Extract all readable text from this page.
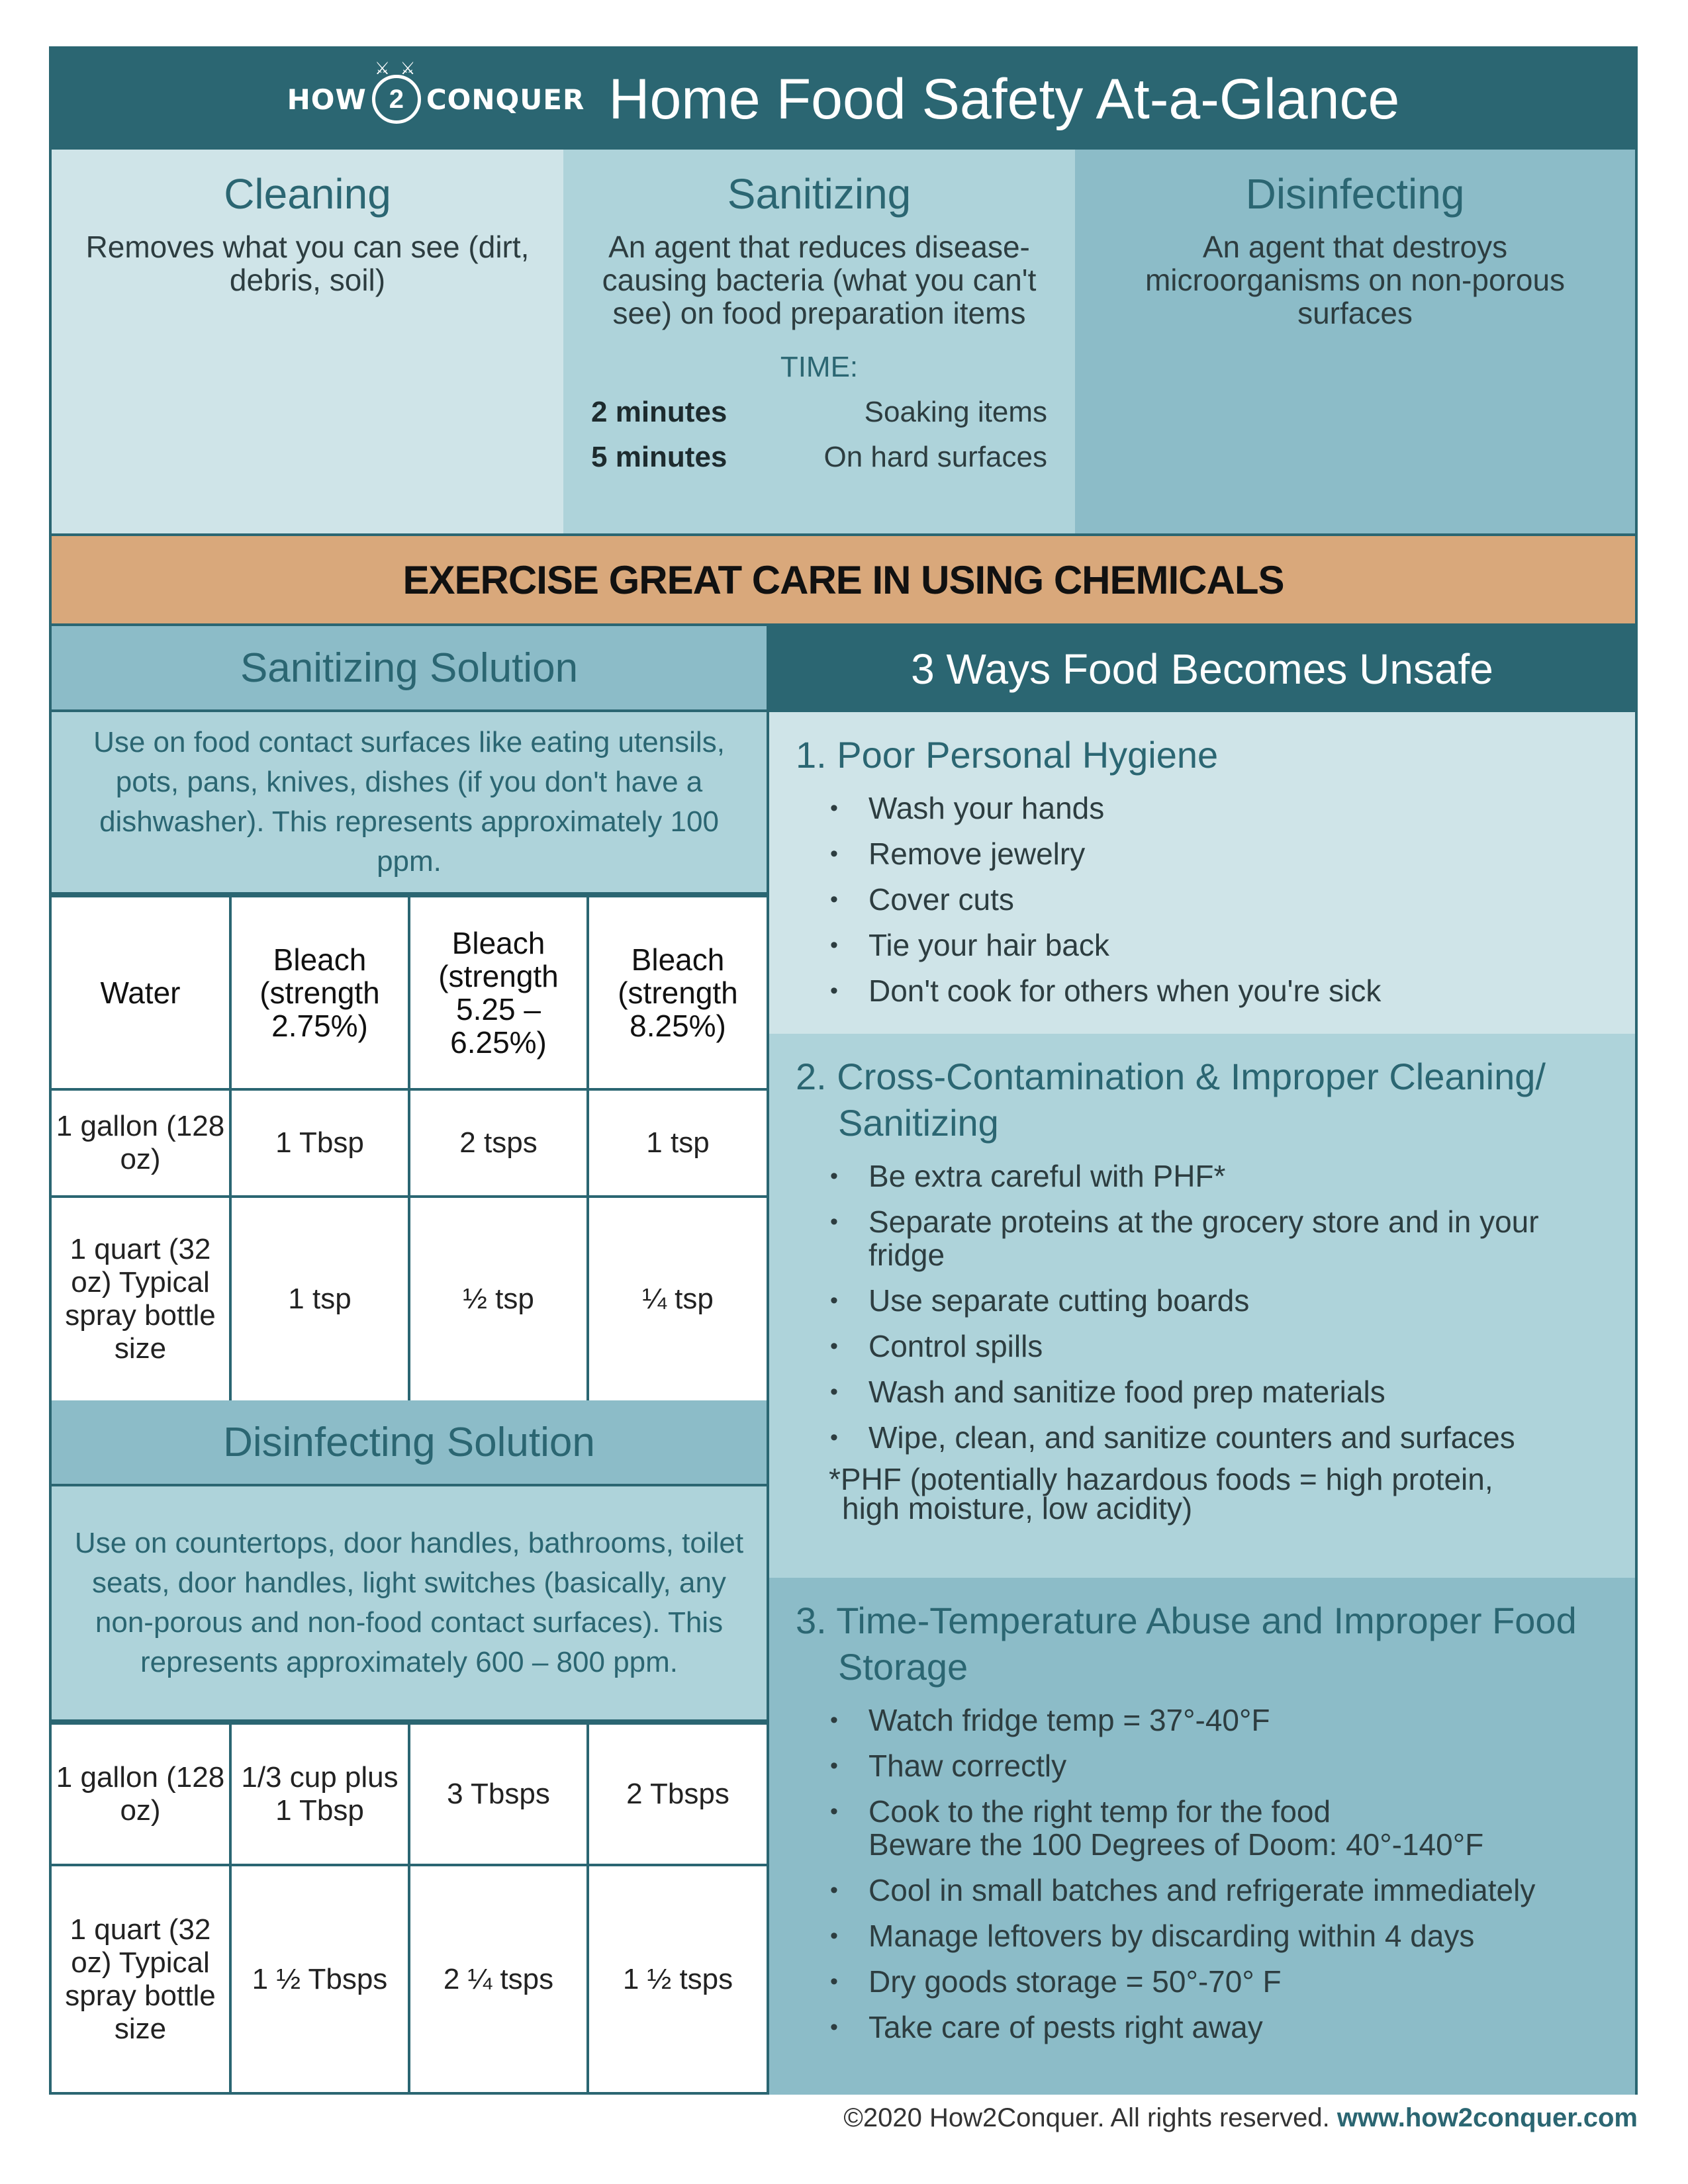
HOW
⚔ ⚔
2 CONQUER Home Food Safety At-a-Glance
Cleaning

Removes what you can see (dirt, debris, soil)

Sanitizing

An agent that reduces disease-causing bacteria (what you can't see) on food preparation items

TIME:
2 minutes	Soaking items
5 minutes	On hard surfaces
Disinfecting

An agent that destroys microorganisms on non-porous surfaces

EXERCISE GREAT CARE IN USING CHEMICALS
Sanitizing Solution

Use on food contact surfaces like eating utensils, pots, pans, knives, dishes (if you don't have a dishwasher). This represents approximately 100 ppm.

Water	Bleach (strength 2.75%)	Bleach (strength 5.25 – 6.25%)	Bleach (strength 8.25%)
1 gallon (128 oz)	1 Tbsp	2 tsps	1 tsp
1 quart (32 oz) Typical spray bottle size	1 tsp	½ tsp	¼ tsp
Disinfecting Solution

Use on countertops, door handles, bathrooms, toilet seats, door handles, light switches (basically, any non-porous and non-food contact surfaces). This represents approximately 600 – 800 ppm.

1 gallon (128 oz)	1/3 cup plus 1 Tbsp	3 Tbsps	2 Tbsps
1 quart (32 oz) Typical spray bottle size	1 ½ Tbsps	2 ¼ tsps	1 ½ tsps
3 Ways Food Becomes Unsafe
1. Poor Personal Hygiene
• Wash your hands
• Remove jewelry
• Cover cuts
• Tie your hair back
• Don't cook for others when you're sick
2. Cross-Contamination & Improper Cleaning/ Sanitizing
• Be extra careful with PHF*
• Separate proteins at the grocery store and in your fridge
• Use separate cutting boards
• Control spills
• Wash and sanitize food prep materials
• Wipe, clean, and sanitize counters and surfaces
*PHF (potentially hazardous foods = high protein,
high moisture, low acidity)
3. Time-Temperature Abuse and Improper Food Storage
• Watch fridge temp = 37°-40°F
• Thaw correctly
• Cook to the right temp for the food
Beware the 100 Degrees of Doom: 40°-140°F
• Cool in small batches and refrigerate immediately
• Manage leftovers by discarding within 4 days
• Dry goods storage = 50°-70° F
• Take care of pests right away
©2020 How2Conquer. All rights reserved. www.how2conquer.com
